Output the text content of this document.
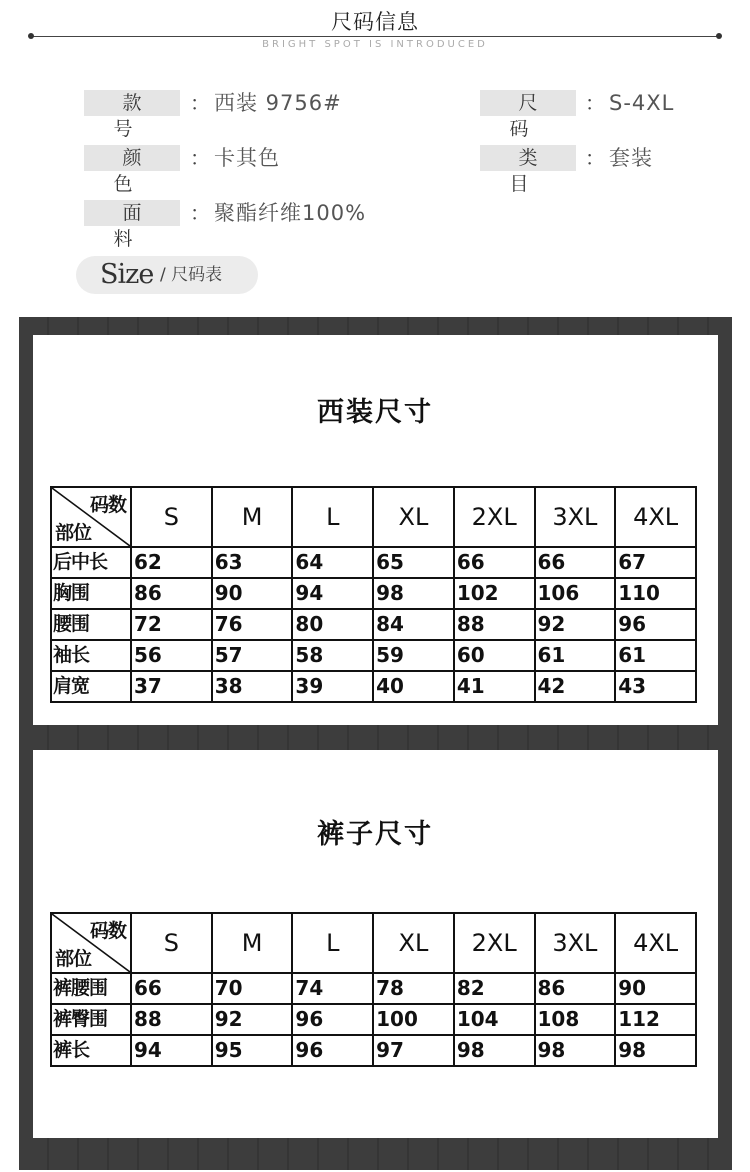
尺码信息
BRIGHT SPOT IS INTRODUCED
款 号
： 西装 9756#	尺 码
： S-4XL
颜 色
： 卡其色	类 目
： 套装
面 料
： 聚酯纤维100%
Size / 尺码表
西装尺寸
码数
部位	S	M	L	XL	2XL	3XL	4XL
后中长	62	63	64	65	66	66	67
胸围	86	90	94	98	102	106	110
腰围	72	76	80	84	88	92	96
袖长	56	57	58	59	60	61	61
肩宽	37	38	39	40	41	42	43
裤子尺寸
码数
部位	S	M	L	XL	2XL	3XL	4XL
裤腰围	66	70	74	78	82	86	90
裤臀围	88	92	96	100	104	108	112
裤长	94	95	96	97	98	98	98
